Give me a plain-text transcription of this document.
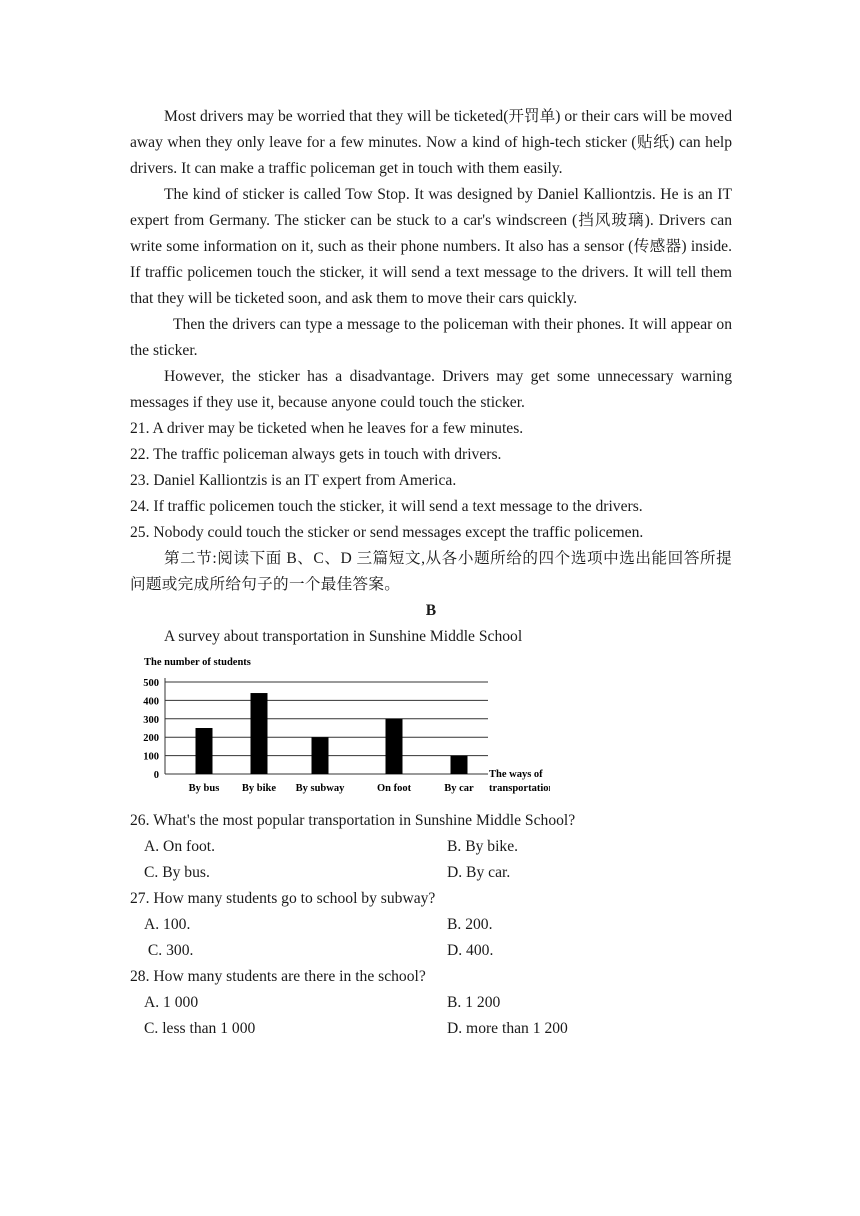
Most drivers may be worried that they will be ticketed(开罚单) or their cars will be moved away when they only leave for a few minutes. Now a kind of high-tech sticker (贴纸) can help drivers. It can make a traffic policeman get in touch with them easily.

The kind of sticker is called Tow Stop. It was designed by Daniel Kalliontzis. He is an IT expert from Germany. The sticker can be stuck to a car's windscreen (挡风玻璃). Drivers can write some information on it, such as their phone numbers. It also has a sensor (传感器) inside. If traffic policemen touch the sticker, it will send a text message to the drivers. It will tell them that they will be ticketed soon, and ask them to move their cars quickly.

Then the drivers can type a message to the policeman with their phones. It will appear on the sticker.

However, the sticker has a disadvantage. Drivers may get some unnecessary warning messages if they use it, because anyone could touch the sticker.

21. A driver may be ticketed when he leaves for a few minutes.

22. The traffic policeman always gets in touch with drivers.

23. Daniel Kalliontzis is an IT expert from America.

24. If traffic policemen touch the sticker, it will send a text message to the drivers.

25. Nobody could touch the sticker or send messages except the traffic policemen.

第二节:阅读下面 B、C、D 三篇短文,从各小题所给的四个选项中选出能回答所提问题或完成所给句子的一个最佳答案。

B

A survey about transportation in Sunshine Middle School

The number of students
0
100
200
300
400
500
By bus By bike By subway	On foot	By car
The ways of
transportation

26. What's the most popular transportation in Sunshine Middle School?

A. On foot.	B. By bike.
C. By bus.	D. By car.

27. How many students go to school by subway?

A. 100.	B. 200.
C. 300.	D. 400.

28. How many students are there in the school?

A. 1 000	B. 1 200
C. less than 1 000	D. more than 1 200
